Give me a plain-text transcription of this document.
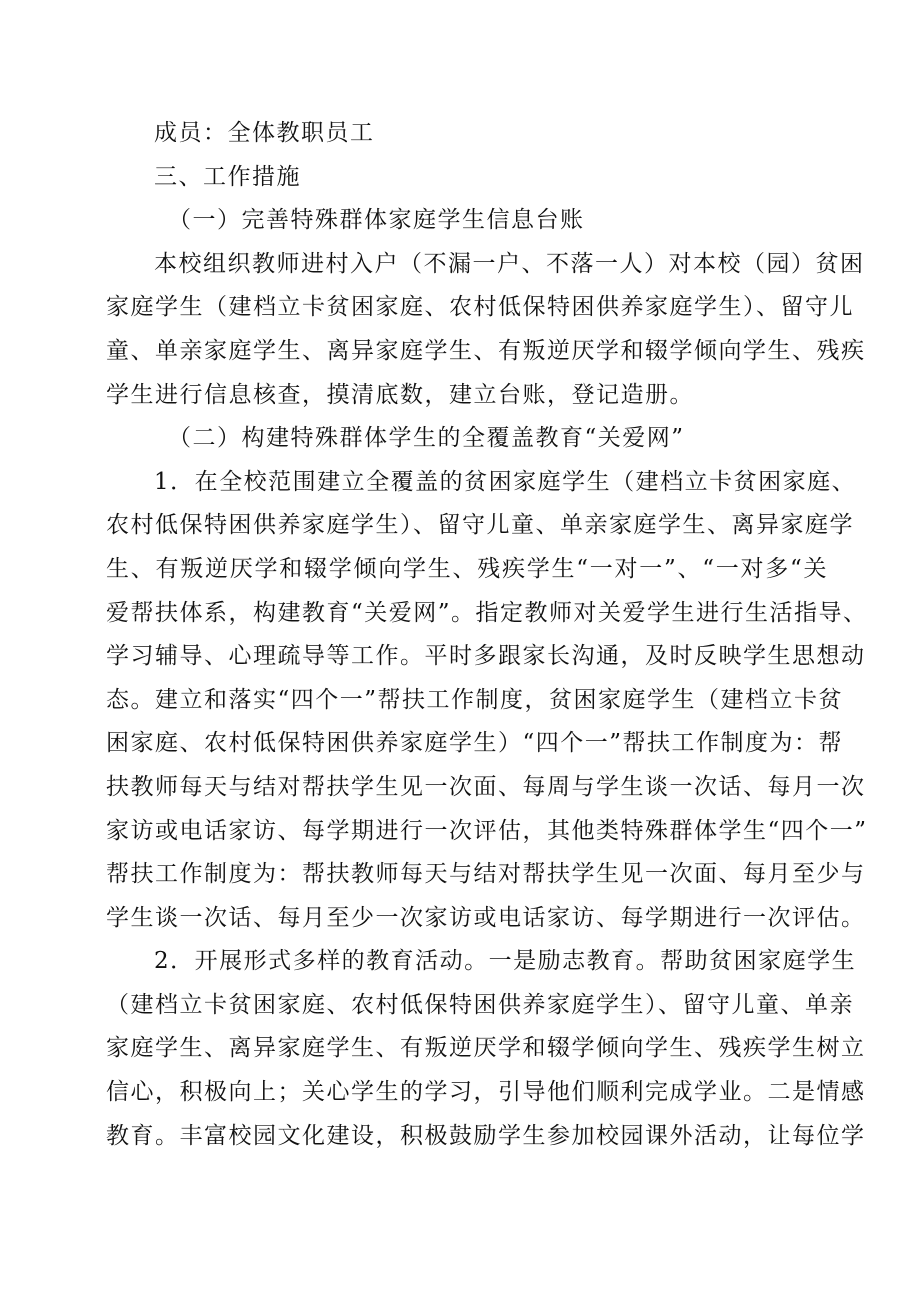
成员：全体教职员工
三、工作措施
（一）完善特殊群体家庭学生信息台账
本校组织教师进村入户（不漏一户、不落一人）对本校（园）贫困
家庭学生（建档立卡贫困家庭、农村低保特困供养家庭学生）、留守儿
童、单亲家庭学生、离异家庭学生、有叛逆厌学和辍学倾向学生、残疾
学生进行信息核查，摸清底数，建立台账，登记造册。
（二）构建特殊群体学生的全覆盖教育“关爱网”
1．在全校范围建立全覆盖的贫困家庭学生（建档立卡贫困家庭、
农村低保特困供养家庭学生）、留守儿童、单亲家庭学生、离异家庭学
生、有叛逆厌学和辍学倾向学生、残疾学生“一对一”、“一对多“关
爱帮扶体系，构建教育“关爱网”。指定教师对关爱学生进行生活指导、
学习辅导、心理疏导等工作。平时多跟家长沟通，及时反映学生思想动
态。建立和落实“四个一”帮扶工作制度，贫困家庭学生（建档立卡贫
困家庭、农村低保特困供养家庭学生）“四个一”帮扶工作制度为：帮
扶教师每天与结对帮扶学生见一次面、每周与学生谈一次话、每月一次
家访或电话家访、每学期进行一次评估，其他类特殊群体学生“四个一”
帮扶工作制度为：帮扶教师每天与结对帮扶学生见一次面、每月至少与
学生谈一次话、每月至少一次家访或电话家访、每学期进行一次评估。
2．开展形式多样的教育活动。一是励志教育。帮助贫困家庭学生
（建档立卡贫困家庭、农村低保特困供养家庭学生）、留守儿童、单亲
家庭学生、离异家庭学生、有叛逆厌学和辍学倾向学生、残疾学生树立
信心，积极向上；关心学生的学习，引导他们顺利完成学业。二是情感
教育。丰富校园文化建设，积极鼓励学生参加校园课外活动，让每位学
